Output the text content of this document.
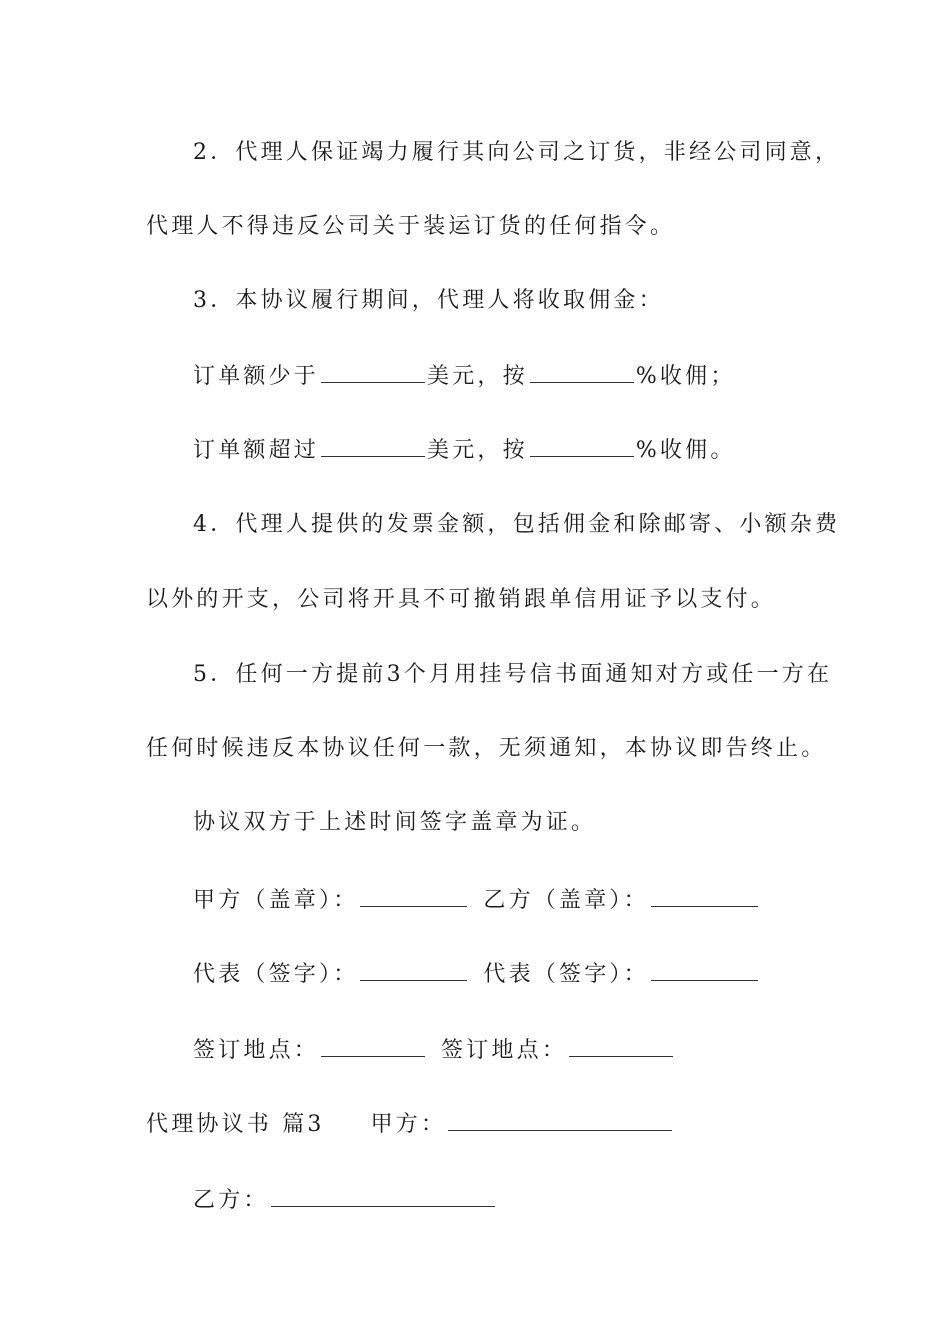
2．代理人保证竭力履行其向公司之订货，非经公司同意，
代理人不得违反公司关于装运订货的任何指令。
3．本协议履行期间，代理人将收取佣金：
订单额少于	美元，按	%收佣；
订单额超过	美元，按	%收佣。
4．代理人提供的发票金额，包括佣金和除邮寄、小额杂费
以外的开支，公司将开具不可撤销跟单信用证予以支付。
5．任何一方提前3个月用挂号信书面通知对方或任一方在
任何时候违反本协议任何一款，无须通知，本协议即告终止。
协议双方于上述时间签字盖章为证。
甲方（盖章）：	乙方（盖章）：
代表（签字）：	代表（签字）：
签订地点：	签订地点：
代理协议书 篇3 甲方：
乙方：
